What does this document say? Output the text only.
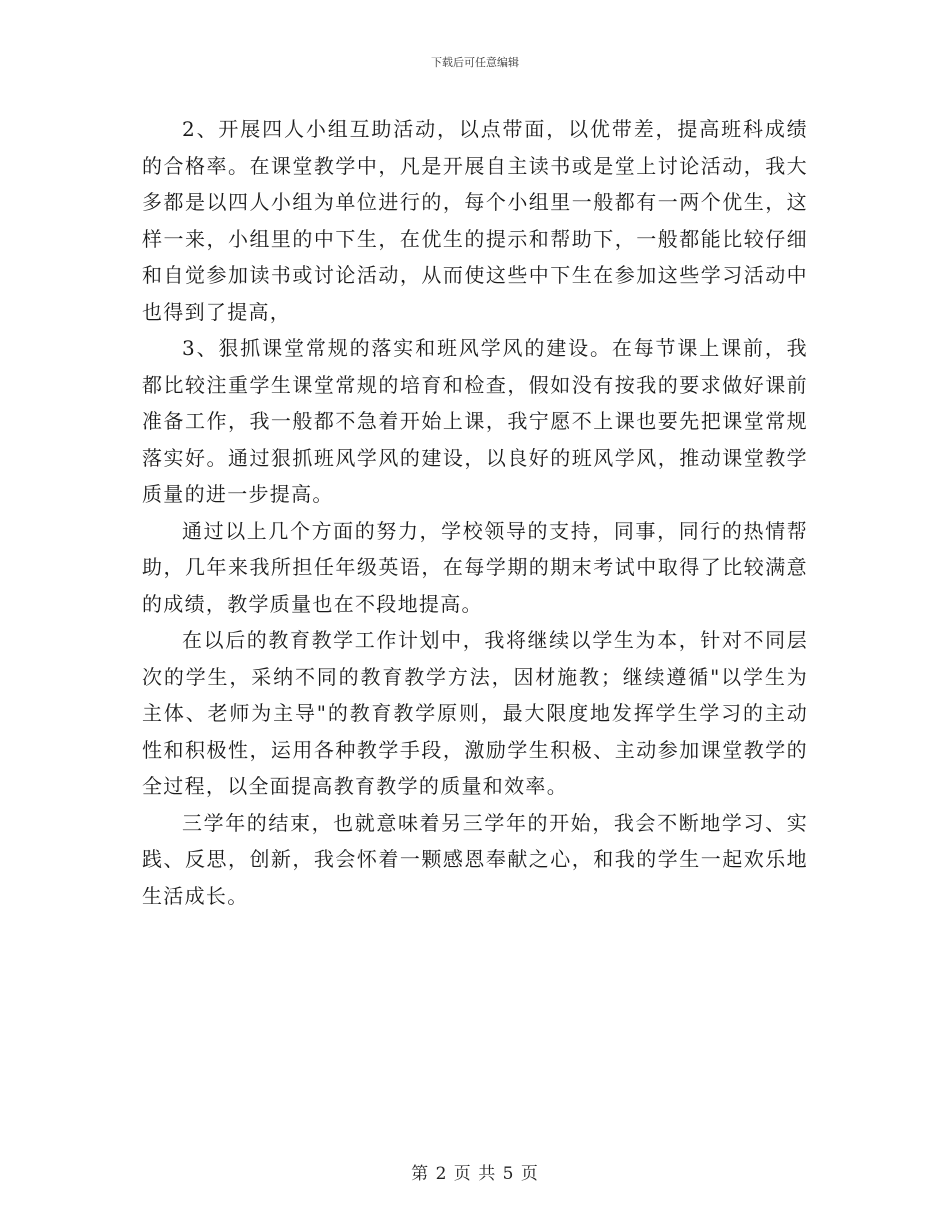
下载后可任意编辑

2、开展四人小组互助活动，以点带面，以优带差，提高班科成绩的合格率。在课堂教学中，凡是开展自主读书或是堂上讨论活动，我大多都是以四人小组为单位进行的，每个小组里一般都有一两个优生，这样一来，小组里的中下生，在优生的提示和帮助下，一般都能比较仔细和自觉参加读书或讨论活动，从而使这些中下生在参加这些学习活动中也得到了提高，

3、狠抓课堂常规的落实和班风学风的建设。在每节课上课前，我都比较注重学生课堂常规的培育和检查，假如没有按我的要求做好课前准备工作，我一般都不急着开始上课，我宁愿不上课也要先把课堂常规落实好。通过狠抓班风学风的建设，以良好的班风学风，推动课堂教学质量的进一步提高。

通过以上几个方面的努力，学校领导的支持，同事，同行的热情帮助，几年来我所担任年级英语，在每学期的期末考试中取得了比较满意的成绩，教学质量也在不段地提高。

在以后的教育教学工作计划中，我将继续以学生为本，针对不同层次的学生，采纳不同的教育教学方法，因材施教；继续遵循"以学生为主体、老师为主导"的教育教学原则，最大限度地发挥学生学习的主动性和积极性，运用各种教学手段，激励学生积极、主动参加课堂教学的全过程，以全面提高教育教学的质量和效率。

三学年的结束，也就意味着另三学年的开始，我会不断地学习、实践、反思，创新，我会怀着一颗感恩奉献之心，和我的学生一起欢乐地生活成长。

第 2 页 共 5 页
